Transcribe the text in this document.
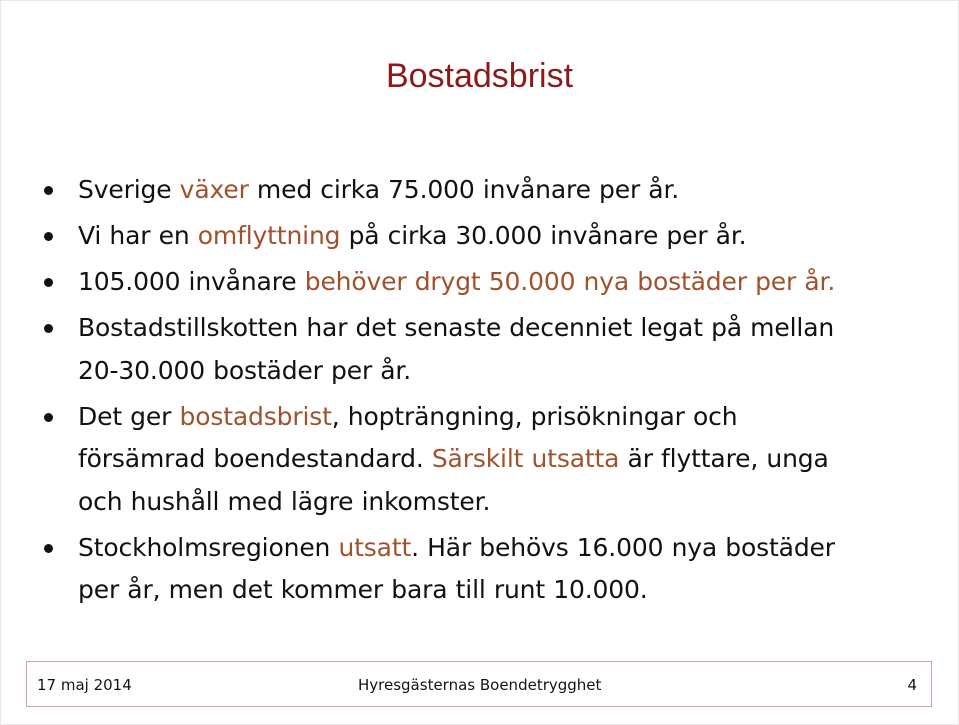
Bostadsbrist
Sverige växer med cirka 75.000 invånare per år.
Vi har en omflyttning på cirka 30.000 invånare per år.
105.000 invånare behöver drygt 50.000 nya bostäder per år.
Bostadstillskotten har det senaste decenniet legat på mellan
20-30.000 bostäder per år.
Det ger bostadsbrist, hopträngning, prisökningar och
försämrad boendestandard. Särskilt utsatta är flyttare, unga
och hushåll med lägre inkomster.
Stockholmsregionen utsatt. Här behövs 16.000 nya bostäder
per år, men det kommer bara till runt 10.000.
17 maj 2014	Hyresgästernas Boendetrygghet	4
